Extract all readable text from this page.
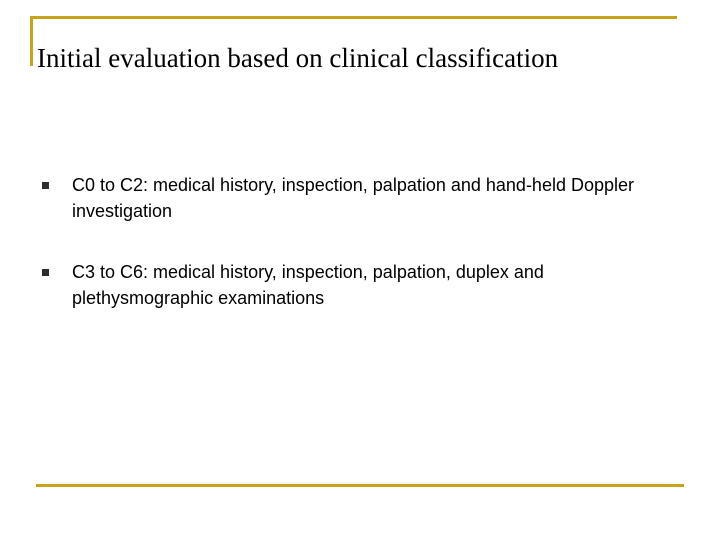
Initial evaluation based on clinical classification
C0 to C2: medical history, inspection, palpation and hand-held Doppler investigation
C3 to C6: medical history, inspection, palpation, duplex and plethysmographic examinations
